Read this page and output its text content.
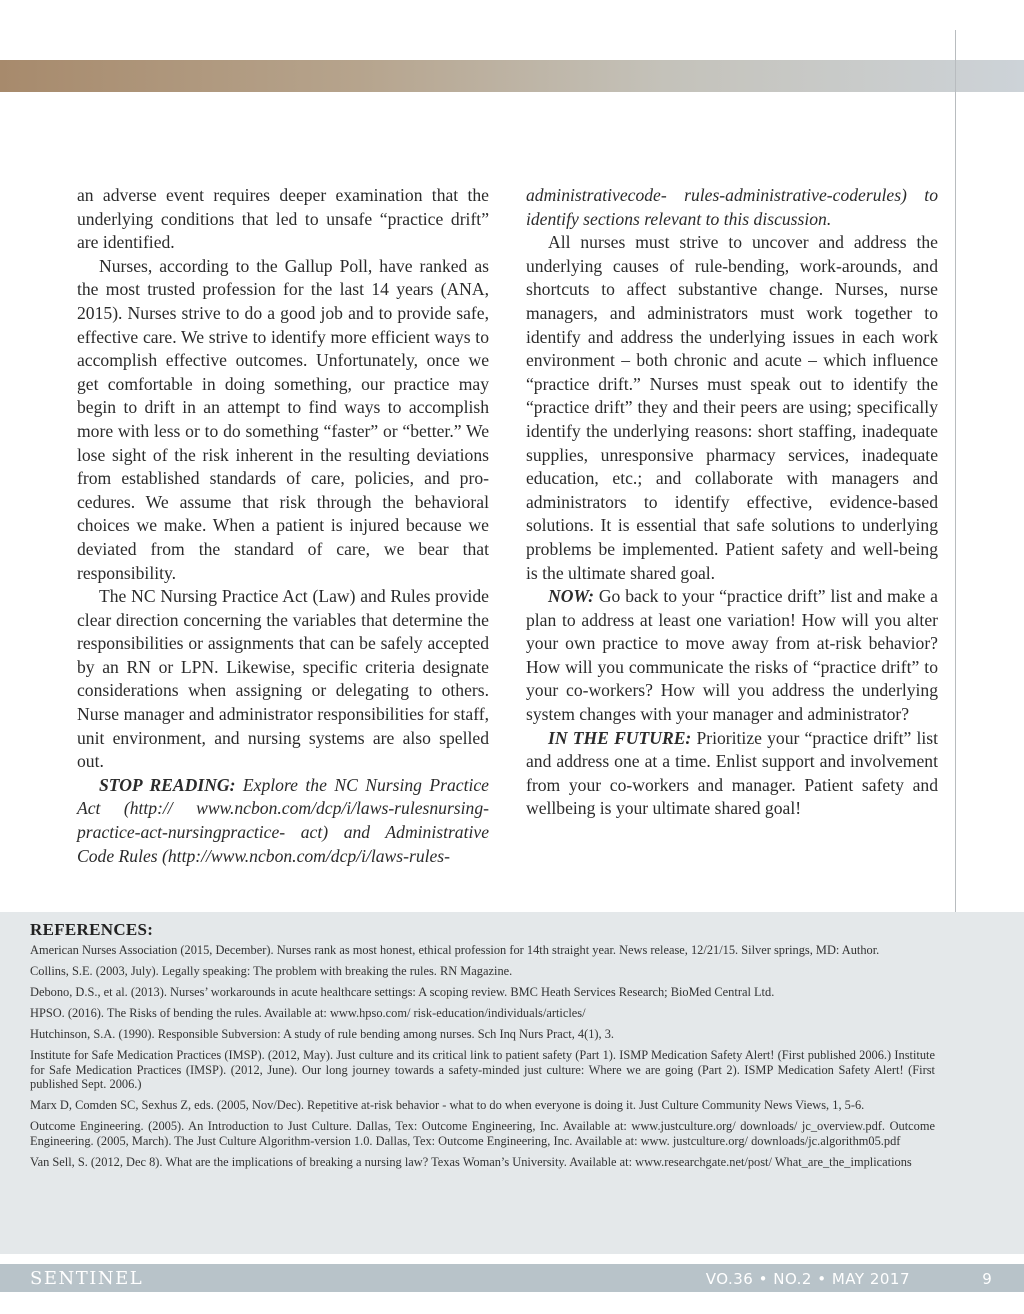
an adverse event requires deeper examination that the underlying conditions that led to unsafe “practice drift” are identified.

Nurses, according to the Gallup Poll, have ranked as the most trusted profession for the last 14 years (ANA, 2015). Nurses strive to do a good job and to provide safe, effective care. We strive to identify more efficient ways to accomplish effective outcomes. Unfortunately, once we get comfortable in doing something, our practice may begin to drift in an attempt to find ways to accomplish more with less or to do something “faster” or “better.” We lose sight of the risk inherent in the resulting deviations from established standards of care, policies, and procedures. We assume that risk through the behavioral choices we make. When a patient is injured because we deviated from the standard of care, we bear that responsibility.

The NC Nursing Practice Act (Law) and Rules provide clear direction concerning the variables that determine the responsibilities or assignments that can be safely accepted by an RN or LPN. Likewise, specific criteria designate considerations when assigning or delegating to others. Nurse manager and administrator responsibilities for staff, unit environment, and nursing systems are also spelled out.

STOP READING: Explore the NC Nursing Practice Act (http:// www.ncbon.com/dcp/i/laws-rulesnursing-practice-act-nursingpractice- act) and Administrative Code Rules (http://www.ncbon.com/dcp/i/laws-rules-

administrativecode- rules-administrative-coderules) to identify sections relevant to this discussion.

All nurses must strive to uncover and address the underlying causes of rule-bending, work-arounds, and shortcuts to affect substantive change. Nurses, nurse managers, and administrators must work together to identify and address the underlying issues in each work environment – both chronic and acute – which influence “practice drift.” Nurses must speak out to identify the “practice drift” they and their peers are using; specifically identify the underlying reasons: short staffing, inadequate supplies, unresponsive pharmacy services, inadequate education, etc.; and collaborate with managers and administrators to identify effective, evidence-based solutions. It is essential that safe solutions to underlying problems be implemented. Patient safety and well-being is the ultimate shared goal.

NOW: Go back to your “practice drift” list and make a plan to address at least one variation! How will you alter your own practice to move away from at-risk behavior? How will you communicate the risks of “practice drift” to your co-workers? How will you address the underlying system changes with your manager and administrator?

IN THE FUTURE: Prioritize your “practice drift” list and address one at a time. Enlist support and involvement from your co-workers and manager. Patient safety and wellbeing is your ultimate shared goal!

REFERENCES:
American Nurses Association (2015, December). Nurses rank as most honest, ethical profession for 14th straight year. News release, 12/21/15. Silver springs, MD: Author.
Collins, S.E. (2003, July). Legally speaking: The problem with breaking the rules. RN Magazine.
Debono, D.S., et al. (2013). Nurses’ workarounds in acute healthcare settings: A scoping review. BMC Heath Services Research; BioMed Central Ltd.
HPSO. (2016). The Risks of bending the rules. Available at: www.hpso.com/ risk-education/individuals/articles/
Hutchinson, S.A. (1990). Responsible Subversion: A study of rule bending among nurses. Sch Inq Nurs Pract, 4(1), 3.
Institute for Safe Medication Practices (IMSP). (2012, May). Just culture and its critical link to patient safety (Part 1). ISMP Medication Safety Alert! (First published 2006.) Institute for Safe Medication Practices (IMSP). (2012, June). Our long journey towards a safety-minded just culture: Where we are going (Part 2). ISMP Medication Safety Alert! (First published Sept. 2006.)
Marx D, Comden SC, Sexhus Z, eds. (2005, Nov/Dec). Repetitive at-risk behavior - what to do when everyone is doing it. Just Culture Community News Views, 1, 5-6.
Outcome Engineering. (2005). An Introduction to Just Culture. Dallas, Tex: Outcome Engineering, Inc. Available at: www.justculture.org/ downloads/ jc_overview.pdf. Outcome Engineering. (2005, March). The Just Culture Algorithm-version 1.0. Dallas, Tex: Outcome Engineering, Inc. Available at: www. justculture.org/ downloads/jc.algorithm05.pdf
Van Sell, S. (2012, Dec 8). What are the implications of breaking a nursing law? Texas Woman’s University. Available at: www.researchgate.net/post/ What_are_the_implications
SENTINEL	VO.36 • NO.2 • MAY 2017	9
